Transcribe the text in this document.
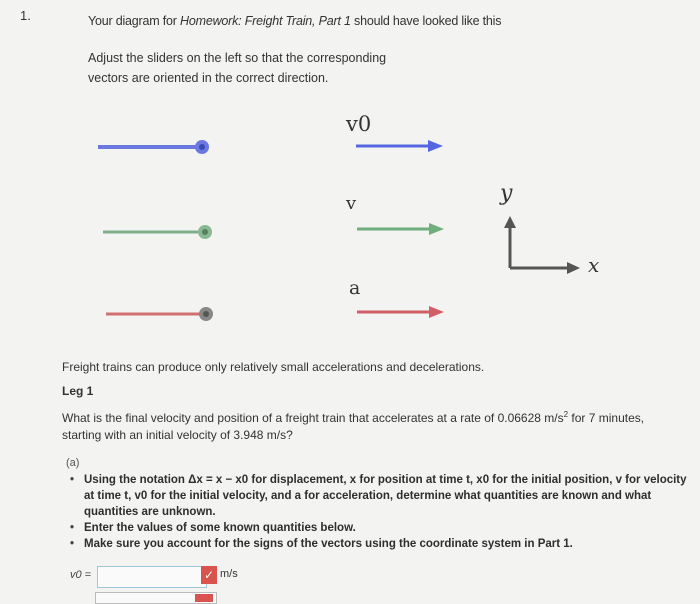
1.	Your diagram for Homework: Freight Train, Part 1 should have looked like this
Adjust the sliders on the left so that the corresponding
vectors are oriented in the correct direction.
v0
v
a
y
x
Freight trains can produce only relatively small accelerations and decelerations.
Leg 1
What is the final velocity and position of a freight train that accelerates at a rate of 0.06628 $m/s^2$ for 7 minutes, starting with an initial velocity of 3.948 m/s?
(a)
• Using the notation Δx = x − x0 for displacement, x for position at time t, x0 for the initial position, v for velocity at time t, v0 for the initial velocity, and a for acceleration, determine what quantities are known and what quantities are unknown.
• Enter the values of some known quantities below.
• Make sure you account for the signs of the vectors using the coordinate system in Part 1.
v0 =	✓ m/s
